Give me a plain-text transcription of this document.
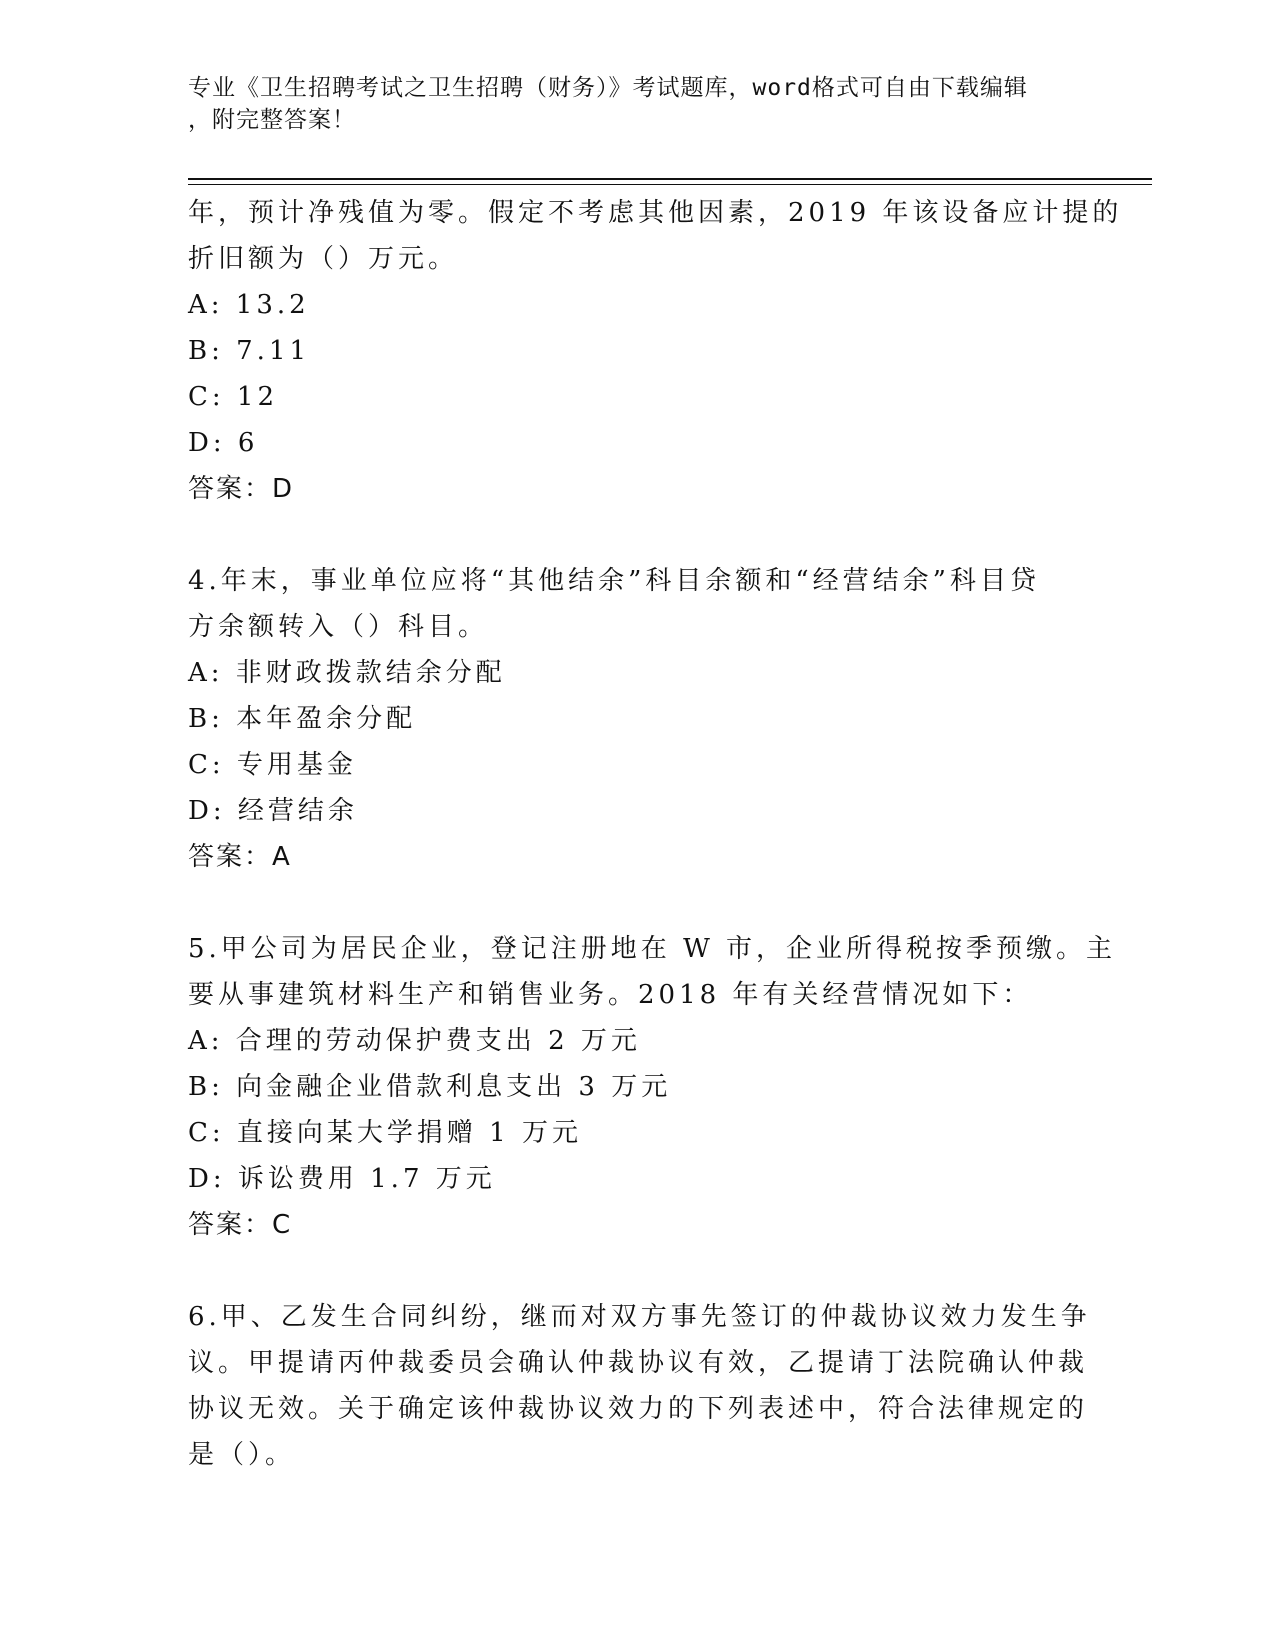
专业《卫生招聘考试之卫生招聘（财务）》考试题库，word格式可自由下载编辑
，附完整答案！
年，预计净残值为零。假定不考虑其他因素，2019 年该设备应计提的
折旧额为（）万元。
A: 13.2
B: 7.11
C: 12
D: 6
答案：D
4.年末，事业单位应将“其他结余”科目余额和“经营结余”科目贷
方余额转入（）科目。
A: 非财政拨款结余分配
B: 本年盈余分配
C: 专用基金
D: 经营结余
答案：A
5.甲公司为居民企业，登记注册地在 W 市，企业所得税按季预缴。主
要从事建筑材料生产和销售业务。2018 年有关经营情况如下：
A: 合理的劳动保护费支出 2 万元
B: 向金融企业借款利息支出 3 万元
C: 直接向某大学捐赠 1 万元
D: 诉讼费用 1.7 万元
答案：C
6.甲、乙发生合同纠纷，继而对双方事先签订的仲裁协议效力发生争
议。甲提请丙仲裁委员会确认仲裁协议有效，乙提请丁法院确认仲裁
协议无效。关于确定该仲裁协议效力的下列表述中，符合法律规定的
是（）。
